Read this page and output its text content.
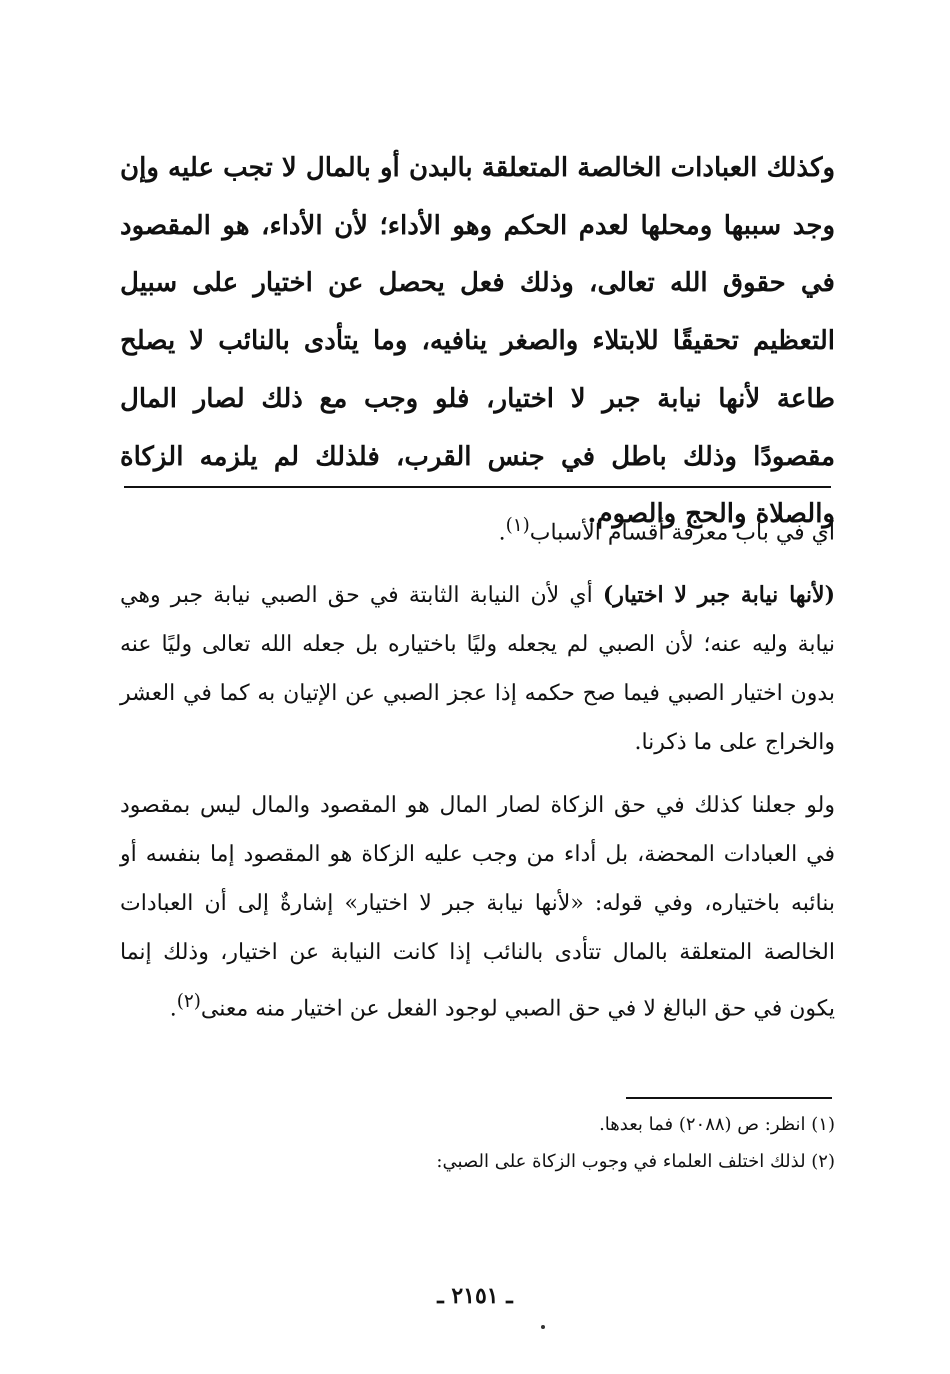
وكذلك العبادات الخالصة المتعلقة بالبدن أو بالمال لا تجب عليه وإن وجد سببها ومحلها لعدم الحكم وهو الأداء؛ لأن الأداء، هو المقصود في حقوق الله تعالى، وذلك فعل يحصل عن اختيار على سبيل التعظيم تحقيقًا للابتلاء والصغر ينافيه، وما يتأدى بالنائب لا يصلح طاعة لأنها نيابة جبر لا اختيار، فلو وجب مع ذلك لصار المال مقصودًا وذلك باطل في جنس القرب، فلذلك لم يلزمه الزكاة والصلاة والحج والصوم.

أي في باب معرفة أقسام الأسباب$^{(١)}$.

(لأنها نيابة جبر لا اختيار) أي لأن النيابة الثابتة في حق الصبي نيابة جبر وهي نيابة وليه عنه؛ لأن الصبي لم يجعله وليًا باختياره بل جعله الله تعالى وليًا عنه بدون اختيار الصبي فيما صح حكمه إذا عجز الصبي عن الإتيان به كما في العشر والخراج على ما ذكرنا.

ولو جعلنا كذلك في حق الزكاة لصار المال هو المقصود والمال ليس بمقصود في العبادات المحضة، بل أداء من وجب عليه الزكاة هو المقصود إما بنفسه أو بنائبه باختياره، وفي قوله: «لأنها نيابة جبر لا اختيار» إشارةٌ إلى أن العبادات الخالصة المتعلقة بالمال تتأدى بالنائب إذا كانت النيابة عن اختيار، وذلك إنما يكون في حق البالغ لا في حق الصبي لوجود الفعل عن اختيار منه معنى$^{(٢)}$.

(١) انظر: ص (٢٠٨٨) فما بعدها.

(٢) لذلك اختلف العلماء في وجوب الزكاة على الصبي:

ـ ٢١٥١ ـ
